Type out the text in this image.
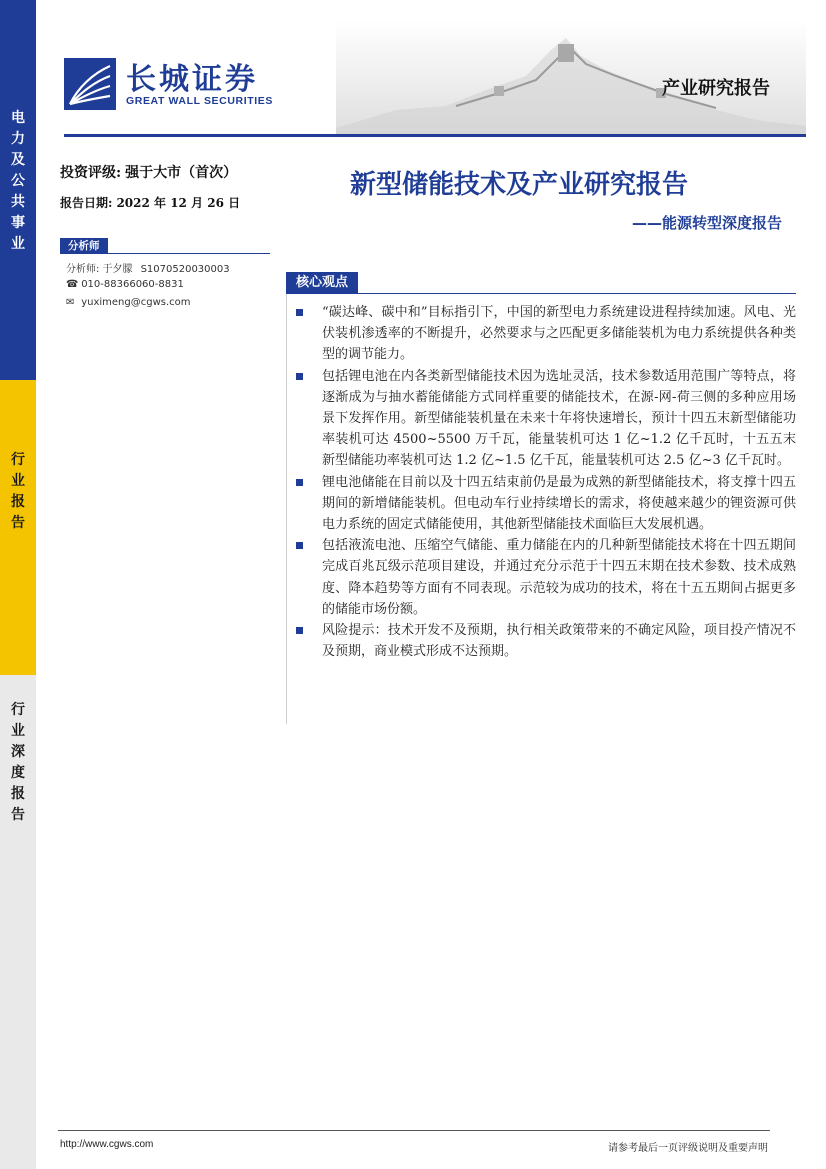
电
力
及
公
共
事
业
行
业
报
告
行
业
深
度
报
告
长城证券
GREAT WALL SECURITIES
产业研究报告
投资评级: 强于大市（首次）
报告日期: 2022 年 12 月 26 日
分析师
分析师: 于夕朦 S1070520030003
☎ 010-88366060-8831
✉ yuximeng@cgws.com
新型储能技术及产业研究报告
——能源转型深度报告
核心观点
“碳达峰、碳中和”目标指引下，中国的新型电力系统建设进程持续加速。风电、光伏装机渗透率的不断提升，必然要求与之匹配更多储能装机为电力系统提供各种类型的调节能力。
包括锂电池在内各类新型储能技术因为选址灵活，技术参数适用范围广等特点，将逐渐成为与抽水蓄能储能方式同样重要的储能技术，在源-网-荷三侧的多种应用场景下发挥作用。新型储能装机量在未来十年将快速增长，预计十四五末新型储能功率装机可达 4500~5500 万千瓦，能量装机可达 1 亿~1.2 亿千瓦时，十五五末新型储能功率装机可达 1.2 亿~1.5 亿千瓦，能量装机可达 2.5 亿~3 亿千瓦时。
锂电池储能在目前以及十四五结束前仍是最为成熟的新型储能技术，将支撑十四五期间的新增储能装机。但电动车行业持续增长的需求，将使越来越少的锂资源可供电力系统的固定式储能使用，其他新型储能技术面临巨大发展机遇。
包括液流电池、压缩空气储能、重力储能在内的几种新型储能技术将在十四五期间完成百兆瓦级示范项目建设，并通过充分示范于十四五末期在技术参数、技术成熟度、降本趋势等方面有不同表现。示范较为成功的技术，将在十五五期间占据更多的储能市场份额。
风险提示：技术开发不及预期，执行相关政策带来的不确定风险，项目投产情况不及预期，商业模式形成不达预期。
http://www.cgws.com	请参考最后一页评级说明及重要声明
